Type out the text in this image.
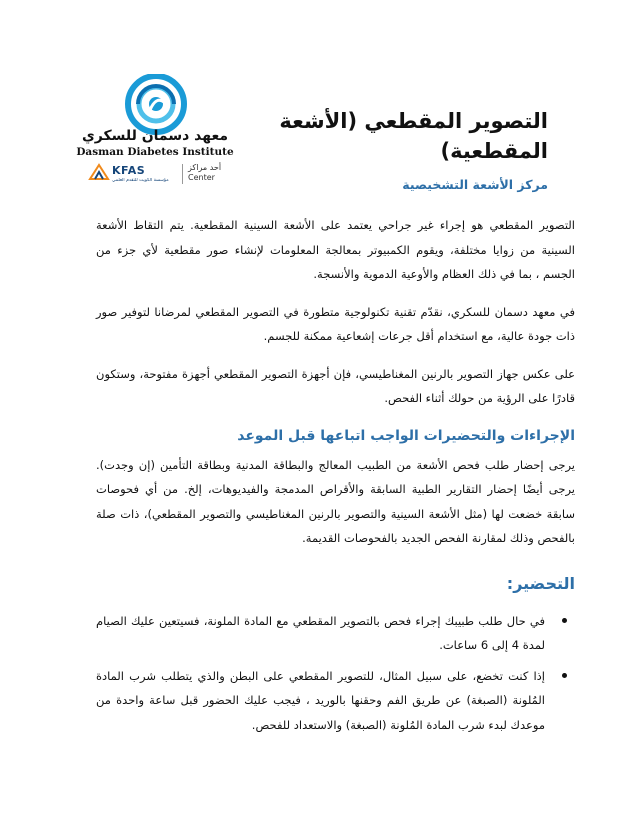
معهد دسمان للسكري
Dasman Diabetes Institute
KFAS
مؤسسة الكويت للتقدم العلمي
أحد مراكز
Center
التصوير المقطعي (الأشعة المقطعية)
مركز الأشعة التشخيصية

التصوير المقطعي هو إجراء غير جراحي يعتمد على الأشعة السينية المقطعية. يتم التقاط الأشعة السينية من زوايا مختلفة، ويقوم الكمبيوتر بمعالجة المعلومات لإنشاء صور مقطعية لأي جزء من الجسم ، بما في ذلك العظام والأوعية الدموية والأنسجة.

في معهد دسمان للسكري، نقدّم تقنية تكنولوجية متطورة في التصوير المقطعي لمرضانا لتوفير صور ذات جودة عالية، مع استخدام أقل جرعات إشعاعية ممكنة للجسم.

على عكس جهاز التصوير بالرنين المغناطيسي، فإن أجهزة التصوير المقطعي أجهزة مفتوحة، وستكون قادرًا على الرؤية من حولك أثناء الفحص.

الإجراءات والتحضيرات الواجب اتباعها قبل الموعد

يرجى إحضار طلب فحص الأشعة من الطبيب المعالج والبطاقة المدنية وبطاقة التأمين (إن وجدت). يرجى أيضًا إحضار التقارير الطبية السابقة والأقراص المدمجة والفيديوهات، إلخ. من أي فحوصات سابقة خضعت لها (مثل الأشعة السينية والتصوير بالرنين المغناطيسي والتصوير المقطعي)، ذات صلة بالفحص وذلك لمقارنة الفحص الجديد بالفحوصات القديمة.

التحضير:
في حال طلب طبيبك إجراء فحص بالتصوير المقطعي مع المادة الملونة، فسيتعين عليك الصيام لمدة 4 إلى 6 ساعات.
إذا كنت تخضع، على سبيل المثال، للتصوير المقطعي على البطن والذي يتطلب شرب المادة المُلونة (الصبغة) عن طريق الفم وحقنها بالوريد ، فيجب عليك الحضور قبل ساعة واحدة من موعدك لبدء شرب المادة المُلونة (الصبغة) والاستعداد للفحص.
